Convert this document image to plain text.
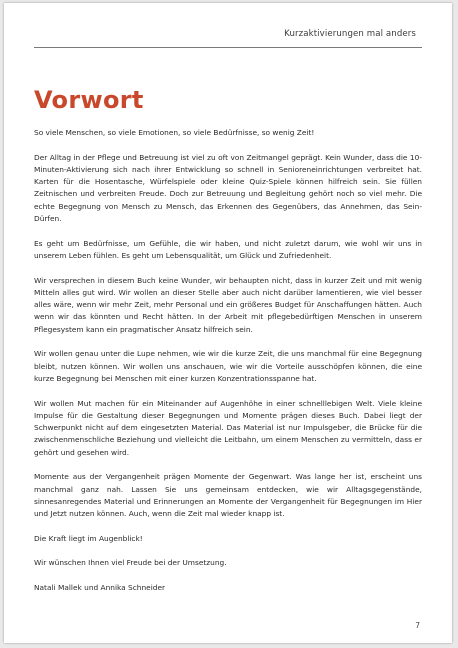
Kurzaktivierungen mal anders
Vorwort

So viele Menschen, so viele Emotionen, so viele Bedürfnisse, so wenig Zeit!

Der Alltag in der Pflege und Betreuung ist viel zu oft von Zeitmangel geprägt. Kein Wunder, dass die 10-Minuten-Aktivierung sich nach ihrer Entwicklung so schnell in Senioreneinrichtungen verbreitet hat. Karten für die Hosentasche, Würfelspiele oder kleine Quiz-Spiele können hilfreich sein. Sie füllen Zeitnischen und verbreiten Freude. Doch zur Betreuung und Begleitung gehört noch so viel mehr. Die echte Begegnung von Mensch zu Mensch, das Erkennen des Gegenübers, das Annehmen, das Sein-Dürfen.

Es geht um Bedürfnisse, um Gefühle, die wir haben, und nicht zuletzt darum, wie wohl wir uns in unserem Leben fühlen. Es geht um Lebensqualität, um Glück und Zufriedenheit.

Wir versprechen in diesem Buch keine Wunder, wir behaupten nicht, dass in kurzer Zeit und mit wenig Mitteln alles gut wird. Wir wollen an dieser Stelle aber auch nicht darüber lamentieren, wie viel besser alles wäre, wenn wir mehr Zeit, mehr Personal und ein größeres Budget für Anschaffungen hätten. Auch wenn wir das könnten und Recht hätten. In der Arbeit mit pflegebedürftigen Menschen in unserem Pflegesystem kann ein pragmatischer Ansatz hilfreich sein.

Wir wollen genau unter die Lupe nehmen, wie wir die kurze Zeit, die uns manchmal für eine Begegnung bleibt, nutzen können. Wir wollen uns anschauen, wie wir die Vorteile ausschöpfen können, die eine kurze Begegnung bei Menschen mit einer kurzen Konzentrationsspanne hat.

Wir wollen Mut machen für ein Miteinander auf Augenhöhe in einer schnelllebigen Welt. Viele kleine Impulse für die Gestaltung dieser Begegnungen und Momente prägen dieses Buch. Dabei liegt der Schwerpunkt nicht auf dem eingesetzten Material. Das Material ist nur Impulsgeber, die Brücke für die zwischenmenschliche Beziehung und vielleicht die Leitbahn, um einem Menschen zu vermitteln, dass er gehört und gesehen wird.

Momente aus der Vergangenheit prägen Momente der Gegenwart. Was lange her ist, erscheint uns manchmal ganz nah. Lassen Sie uns gemeinsam entdecken, wie wir Alltagsgegenstände, sinnesanregendes Material und Erinnerungen an Momente der Vergangenheit für Begegnungen im Hier und Jetzt nutzen können. Auch, wenn die Zeit mal wieder knapp ist.

Die Kraft liegt im Augenblick!

Wir wünschen Ihnen viel Freude bei der Umsetzung.

Natali Mallek und Annika Schneider

7
